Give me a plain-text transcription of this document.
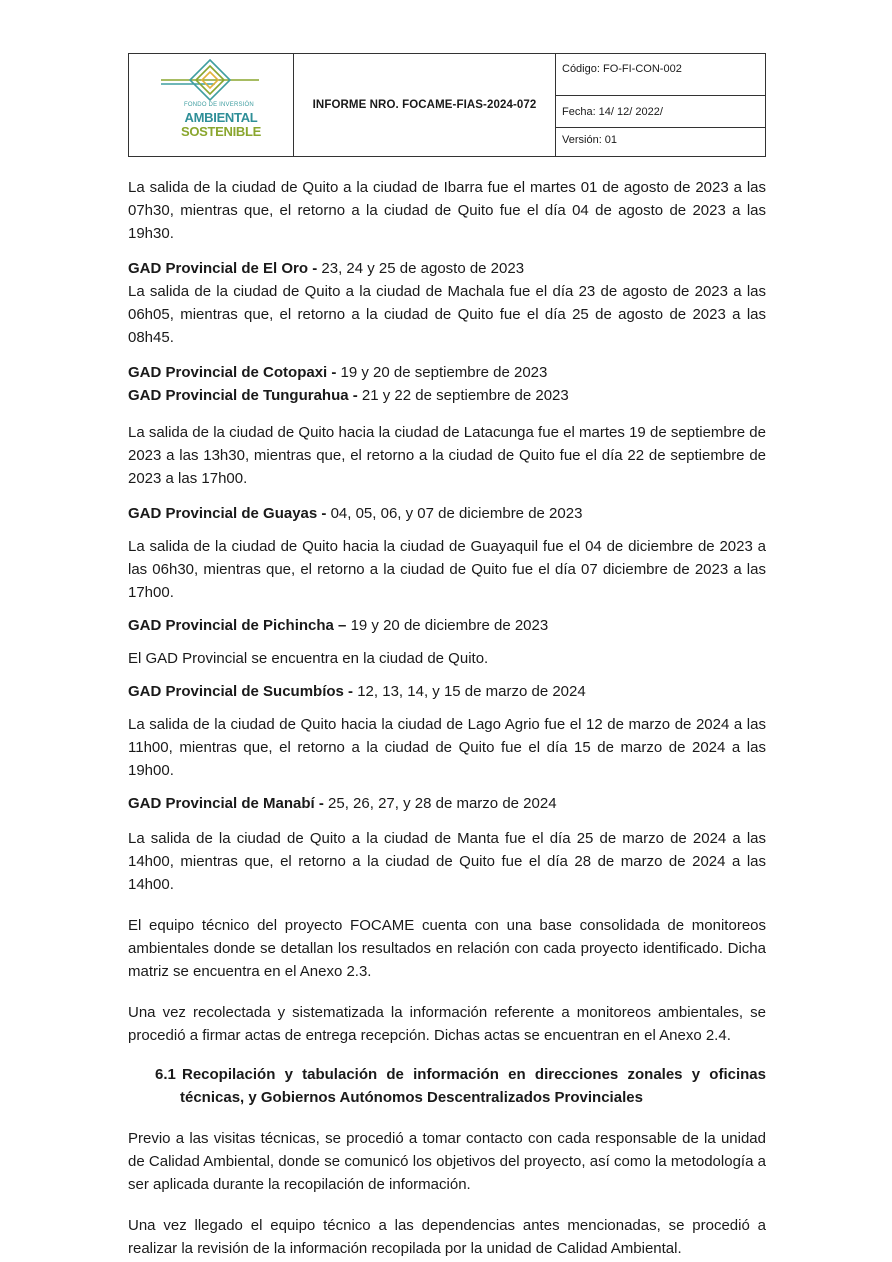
FONDO DE INVERSIÓN
AMBIENTAL
SOSTENIBLE
INFORME NRO. FOCAME-FIAS-2024-072
Código: FO-FI-CON-002
Fecha: 14/ 12/ 2022/
Versión: 01

La salida de la ciudad de Quito a la ciudad de Ibarra fue el martes 01 de agosto de 2023 a las 07h30, mientras que, el retorno a la ciudad de Quito fue el día 04 de agosto de 2023 a las 19h30.

GAD Provincial de El Oro - 23, 24 y 25 de agosto de 2023

La salida de la ciudad de Quito a la ciudad de Machala fue el día 23 de agosto de 2023 a las 06h05, mientras que, el retorno a la ciudad de Quito fue el día 25 de agosto de 2023 a las 08h45.

GAD Provincial de Cotopaxi - 19 y 20 de septiembre de 2023
GAD Provincial de Tungurahua - 21 y 22 de septiembre de 2023

La salida de la ciudad de Quito hacia la ciudad de Latacunga fue el martes 19 de septiembre de 2023 a las 13h30, mientras que, el retorno a la ciudad de Quito fue el día 22 de septiembre de 2023 a las 17h00.

GAD Provincial de Guayas - 04, 05, 06, y 07 de diciembre de 2023

La salida de la ciudad de Quito hacia la ciudad de Guayaquil fue el 04 de diciembre de 2023 a las 06h30, mientras que, el retorno a la ciudad de Quito fue el día 07 diciembre de 2023 a las 17h00.

GAD Provincial de Pichincha – 19 y 20 de diciembre de 2023

El GAD Provincial se encuentra en la ciudad de Quito.

GAD Provincial de Sucumbíos - 12, 13, 14, y 15 de marzo de 2024

La salida de la ciudad de Quito hacia la ciudad de Lago Agrio fue el 12 de marzo de 2024 a las 11h00, mientras que, el retorno a la ciudad de Quito fue el día 15 de marzo de 2024 a las 19h00.

GAD Provincial de Manabí - 25, 26, 27, y 28 de marzo de 2024

La salida de la ciudad de Quito a la ciudad de Manta fue el día 25 de marzo de 2024 a las 14h00, mientras que, el retorno a la ciudad de Quito fue el día 28 de marzo de 2024 a las 14h00.

El equipo técnico del proyecto FOCAME cuenta con una base consolidada de monitoreos ambientales donde se detallan los resultados en relación con cada proyecto identificado. Dicha matriz se encuentra en el Anexo 2.3.

Una vez recolectada y sistematizada la información referente a monitoreos ambientales, se procedió a firmar actas de entrega recepción. Dichas actas se encuentran en el Anexo 2.4.

6.1 Recopilación y tabulación de información en direcciones zonales y oficinas
técnicas, y Gobiernos Autónomos Descentralizados Provinciales

Previo a las visitas técnicas, se procedió a tomar contacto con cada responsable de la unidad de Calidad Ambiental, donde se comunicó los objetivos del proyecto, así como la metodología a ser aplicada durante la recopilación de información.

Una vez llegado el equipo técnico a las dependencias antes mencionadas, se procedió a realizar la revisión de la información recopilada por la unidad de Calidad Ambiental.
